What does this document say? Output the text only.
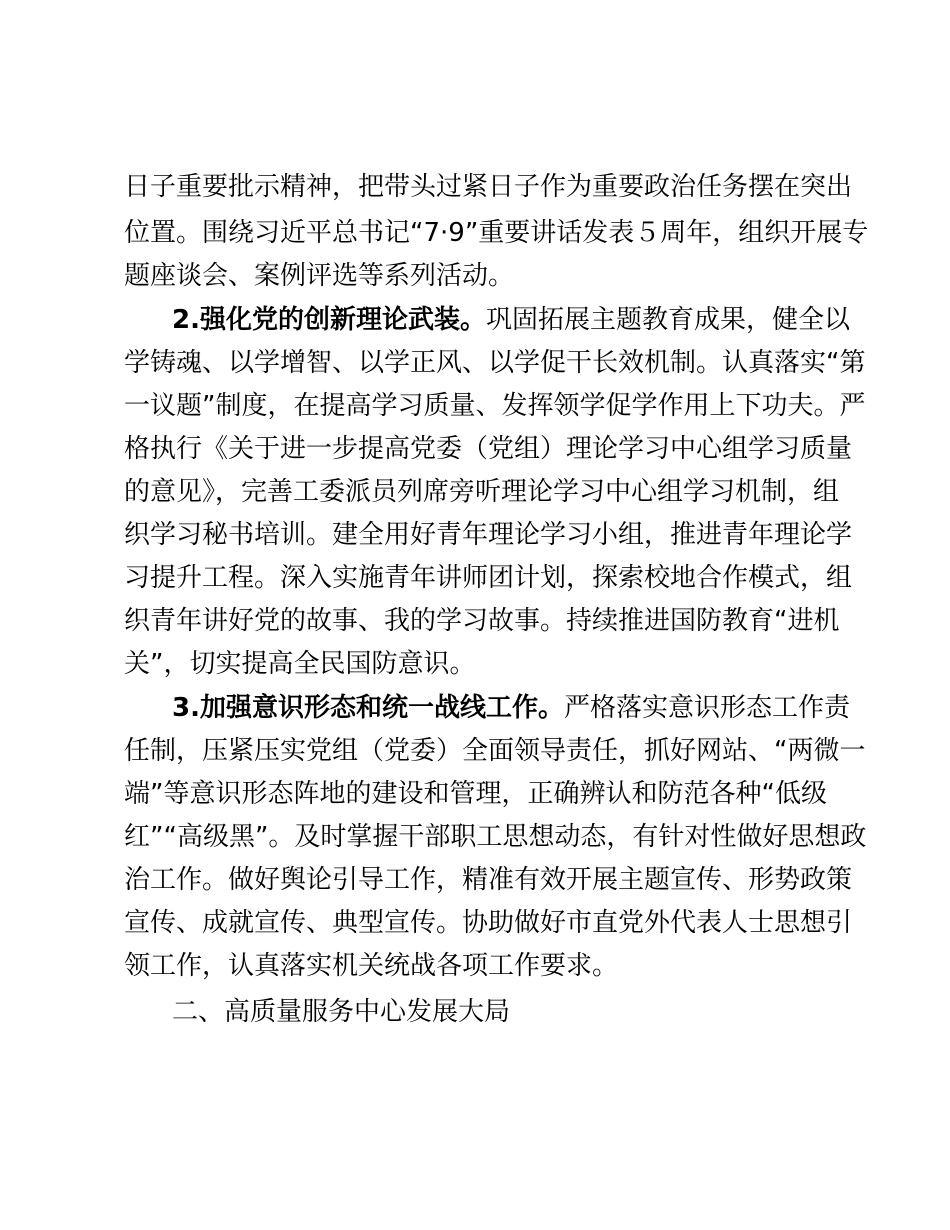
日子重要批示精神，把带头过紧日子作为重要政治任务摆在突出
位置。围绕习近平总书记“7·9”重要讲话发表５周年，组织开展专
题座谈会、案例评选等系列活动。
2.强化党的创新理论武装。巩固拓展主题教育成果，健全以
学铸魂、以学增智、以学正风、以学促干长效机制。认真落实“第
一议题”制度，在提高学习质量、发挥领学促学作用上下功夫。严
格执行《关于进一步提高党委（党组）理论学习中心组学习质量
的意见》，完善工委派员列席旁听理论学习中心组学习机制，组
织学习秘书培训。建全用好青年理论学习小组，推进青年理论学
习提升工程。深入实施青年讲师团计划，探索校地合作模式，组
织青年讲好党的故事、我的学习故事。持续推进国防教育“进机
关”，切实提高全民国防意识。
3.加强意识形态和统一战线工作。严格落实意识形态工作责
任制，压紧压实党组（党委）全面领导责任，抓好网站、“两微一
端”等意识形态阵地的建设和管理，正确辨认和防范各种“低级
红”“高级黑”。及时掌握干部职工思想动态，有针对性做好思想政
治工作。做好舆论引导工作，精准有效开展主题宣传、形势政策
宣传、成就宣传、典型宣传。协助做好市直党外代表人士思想引
领工作，认真落实机关统战各项工作要求。
二、高质量服务中心发展大局
